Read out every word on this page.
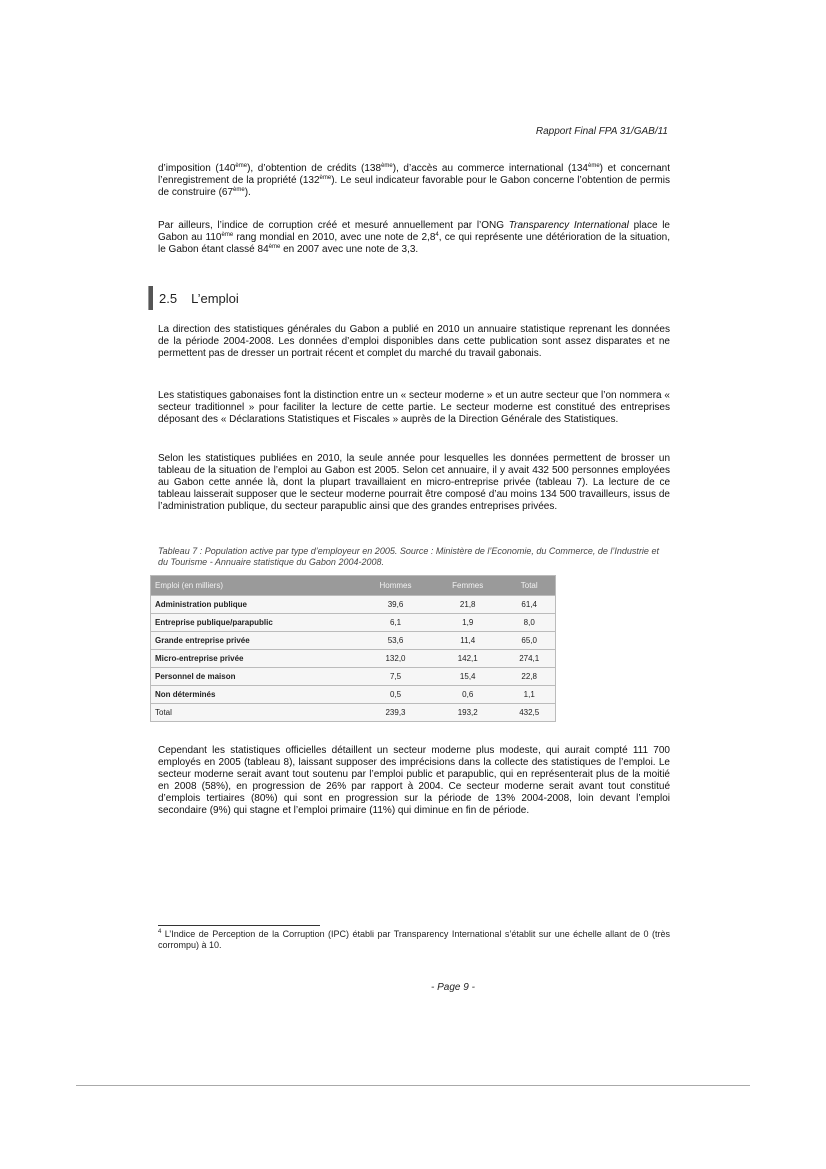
Rapport Final FPA 31/GAB/11

d’imposition (140ème), d’obtention de crédits (138ème), d’accès au commerce international (134ème) et concernant l’enregistrement de la propriété (132ème). Le seul indicateur favorable pour le Gabon concerne l’obtention de permis de construire (67ème).

Par ailleurs, l’indice de corruption créé et mesuré annuellement par l’ONG Transparency International place le Gabon au 110ème rang mondial en 2010, avec une note de $2,8^4$, ce qui représente une détérioration de la situation, le Gabon étant classé 84ème en 2007 avec une note de 3,3.

2.5 L’emploi

La direction des statistiques générales du Gabon a publié en 2010 un annuaire statistique reprenant les données de la période 2004-2008. Les données d’emploi disponibles dans cette publication sont assez disparates et ne permettent pas de dresser un portrait récent et complet du marché du travail gabonais.

Les statistiques gabonaises font la distinction entre un « secteur moderne » et un autre secteur que l’on nommera « secteur traditionnel » pour faciliter la lecture de cette partie. Le secteur moderne est constitué des entreprises déposant des « Déclarations Statistiques et Fiscales » auprès de la Direction Générale des Statistiques.

Selon les statistiques publiées en 2010, la seule année pour lesquelles les données permettent de brosser un tableau de la situation de l’emploi au Gabon est 2005. Selon cet annuaire, il y avait 432 500 personnes employées au Gabon cette année là, dont la plupart travaillaient en micro-entreprise privée (tableau 7). La lecture de ce tableau laisserait supposer que le secteur moderne pourrait être composé d’au moins 134 500 travailleurs, issus de l’administration publique, du secteur parapublic ainsi que des grandes entreprises privées.

Tableau 7 : Population active par type d’employeur en 2005. Source : Ministère de l’Economie, du Commerce, de l’Industrie et du Tourisme - Annuaire statistique du Gabon 2004-2008.

Emploi (en milliers)	Hommes	Femmes	Total
Administration publique	39,6	21,8	61,4
Entreprise publique/parapublic	6,1	1,9	8,0
Grande entreprise privée	53,6	11,4	65,0
Micro-entreprise privée	132,0	142,1	274,1
Personnel de maison	7,5	15,4	22,8
Non déterminés	0,5	0,6	1,1
Total	239,3	193,2	432,5

Cependant les statistiques officielles détaillent un secteur moderne plus modeste, qui aurait compté 111 700 employés en 2005 (tableau 8), laissant supposer des imprécisions dans la collecte des statistiques de l’emploi. Le secteur moderne serait avant tout soutenu par l’emploi public et parapublic, qui en représenterait plus de la moitié en 2008 (58%), en progression de 26% par rapport à 2004. Ce secteur moderne serait avant tout constitué d’emplois tertiaires (80%) qui sont en progression sur la période de 13% 2004-2008, loin devant l’emploi secondaire (9%) qui stagne et l’emploi primaire (11%) qui diminue en fin de période.

$^4$ L’Indice de Perception de la Corruption (IPC) établi par Transparency International s’établit sur une échelle allant de 0 (très corrompu) à 10.

- Page 9 -
